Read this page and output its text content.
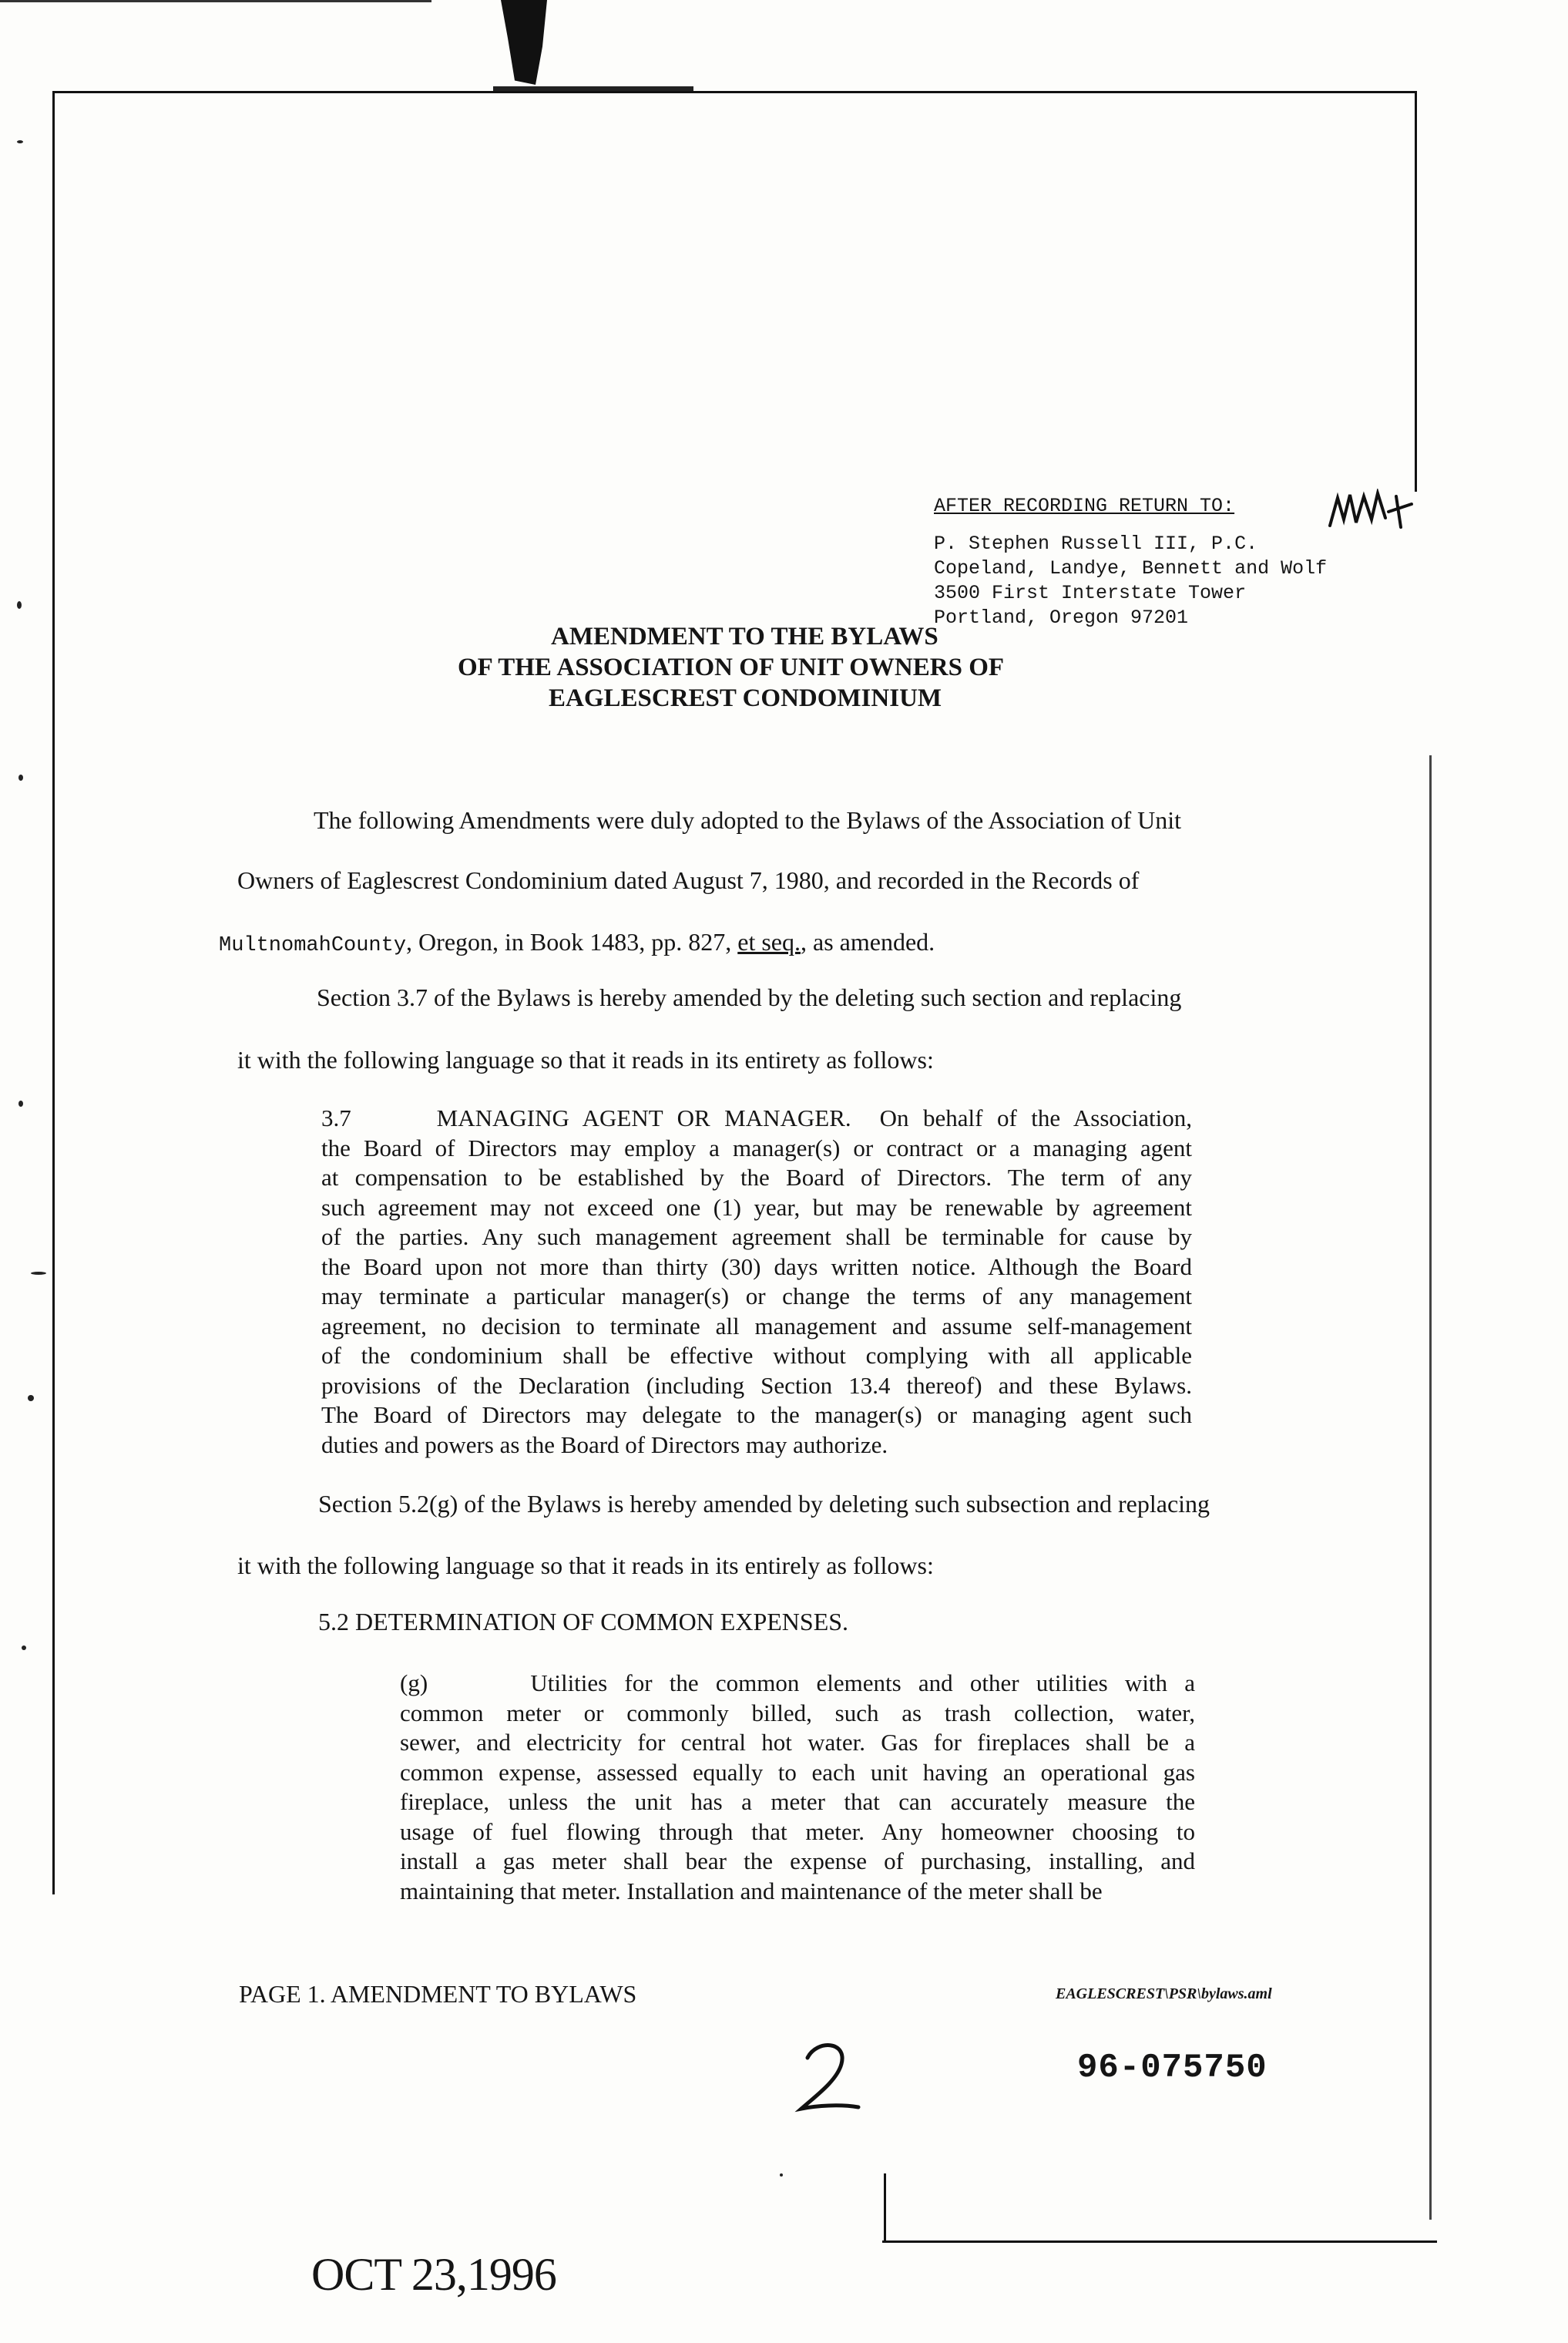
AFTER RECORDING RETURN TO:
P. Stephen Russell III, P.C.
Copeland, Landye, Bennett and Wolf
3500 First Interstate Tower
Portland, Oregon 97201
AMENDMENT TO THE BYLAWS
OF THE ASSOCIATION OF UNIT OWNERS OF
EAGLESCREST CONDOMINIUM
The following Amendments were duly adopted to the Bylaws of the Association of Unit
Owners of Eaglescrest Condominium dated August 7, 1980, and recorded in the Records of
MultnomahCounty, Oregon, in Book 1483, pp. 827, et seq., as amended.
Section 3.7 of the Bylaws is hereby amended by the deleting such section and replacing
it with the following language so that it reads in its entirety as follows:
3.7	MANAGING AGENT OR MANAGER. On behalf of the Association,
the Board of Directors may employ a manager(s) or contract or a managing agent
at compensation to be established by the Board of Directors. The term of any
such agreement may not exceed one (1) year, but may be renewable by agreement
of the parties. Any such management agreement shall be terminable for cause by
the Board upon not more than thirty (30) days written notice. Although the Board
may terminate a particular manager(s) or change the terms of any management
agreement, no decision to terminate all management and assume self-management
of the condominium shall be effective without complying with all applicable
provisions of the Declaration (including Section 13.4 thereof) and these Bylaws.
The Board of Directors may delegate to the manager(s) or managing agent such
duties and powers as the Board of Directors may authorize.
Section 5.2(g) of the Bylaws is hereby amended by deleting such subsection and replacing
it with the following language so that it reads in its entirely as follows:
5.2 DETERMINATION OF COMMON EXPENSES.
(g)	Utilities for the common elements and other utilities with a
common meter or commonly billed, such as trash collection, water,
sewer, and electricity for central hot water. Gas for fireplaces shall be a
common expense, assessed equally to each unit having an operational gas
fireplace, unless the unit has a meter that can accurately measure the
usage of fuel flowing through that meter. Any homeowner choosing to
install a gas meter shall bear the expense of purchasing, installing, and
maintaining that meter. Installation and maintenance of the meter shall be
PAGE 1. AMENDMENT TO BYLAWS	EAGLESCREST\PSR\bylaws.aml
96-075750
OCT 23,1996
